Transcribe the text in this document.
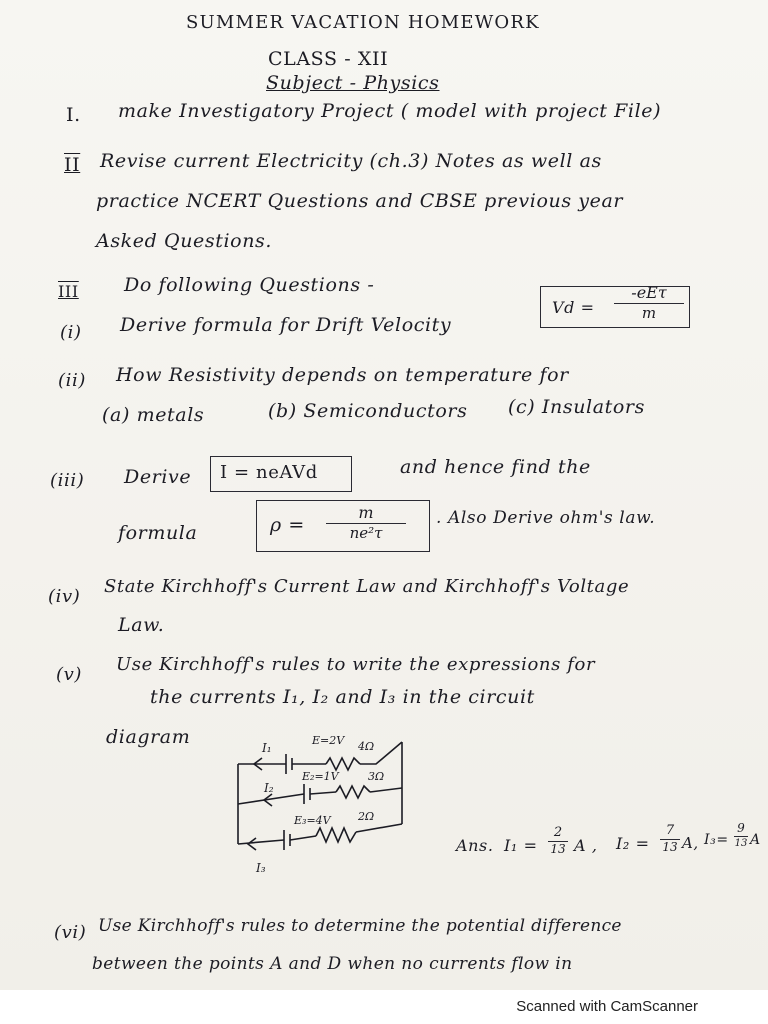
SUMMER VACATION HOMEWORK
CLASS - XII
Subject - Physics
I. make Investigatory Project ( model with project File)
II Revise current Electricity (ch.3) Notes as well as
practice NCERT Questions and CBSE previous year
Asked Questions.
III Do following Questions -
(i) Derive formula for Drift Velocity
Vd =
-eEτ
m
(ii) How Resistivity depends on temperature for
(a) metals	(b) Semiconductors (c) Insulators
(iii) Derive I = neAVd	and hence find the
formula	ρ =
m
ne²τ
. Also Derive ohm's law.
(iv) State Kirchhoff's Current Law and Kirchhoff's Voltage
Law.
(v) Use Kirchhoff's rules to write the expressions for
the currents I₁, I₂ and I₃ in the circuit
diagram	E=2V 4Ω
I₁
E₂=1V	3Ω
I₂
E₃=4V 2Ω
I₃
Ans. I₁ =
2
13 A , I₂ =
7
13 A, I₃=
9
13 A
(vi) Use Kirchhoff's rules to determine the potential difference
between the points A and D when no currents flow in
Scanned with CamScanner
